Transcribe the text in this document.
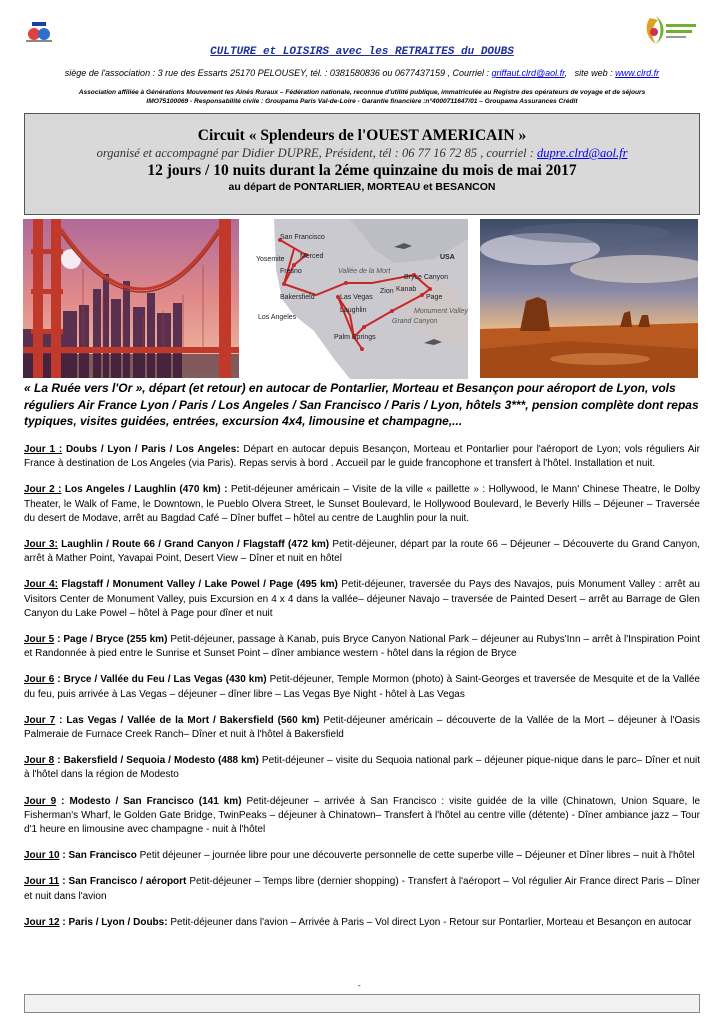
CULTURE et LOISIRS avec les RETRAITES du DOUBS
siège de l'association : 3 rue des Essarts 25170 PELOUSEY, tél. : 0381580836 ou 0677437159 , Courriel : griffaut.clrd@aol.fr,   site web : www.clrd.fr
Association affiliée à Générations Mouvement les Aînés Ruraux – Fédération nationale, reconnue d'utilité publique, immatriculée au Registre des opérateurs de voyage et de séjours
IMO75100069 - Responsabilité civile : Groupama Paris Val-de-Loire - Garantie financière :n°4000711647/01 – Groupama Assurances Crédit
Circuit « Splendeurs de l'OUEST AMERICAIN »
organisé et accompagné par Didier DUPRE, Président, tél : 06 77 16 72 85 , courriel : dupre.clrd@aol.fr
12 jours / 10 nuits durant la 2éme quinzaine du mois de mai 2017
au départ de PONTARLIER, MORTEAU et BESANCON
San Francisco
Yosemite Merced
Fresno	Vallée de la Mort
Bryce Canyon
Kanab
Page
Zion
Monument Valley
Bakersfield	Las Vegas
Laughlin
Los Angeles
Grand Canyon
Palm Springs
USA
« La Ruée vers l'Or », départ (et retour) en autocar de Pontarlier, Morteau et Besançon pour aéroport de Lyon, vols réguliers Air France Lyon / Paris / Los Angeles / San Francisco / Paris / Lyon, hôtels 3***, pension complète dont repas typiques, visites guidées, entrées, excursion 4x4, limousine et champagne,...

Jour 1 : Doubs / Lyon / Paris / Los Angeles: Départ en autocar depuis Besançon, Morteau et Pontarlier pour l'aéroport de Lyon; vols réguliers Air France à destination de Los Angeles (via Paris). Repas servis à bord . Accueil par le guide francophone et transfert à l'hôtel. Installation et nuit.

Jour 2 : Los Angeles / Laughlin (470 km) : Petit-déjeuner américain – Visite de la ville « paillette » : Hollywood, le Mann' Chinese Theatre, le Dolby Theater, le Walk of Fame, le Downtown, le Pueblo Olvera Street, le Sunset Boulevard, le Hollywood Boulevard, le Beverly Hills – Déjeuner – Traversée du desert de Modave, arrêt au Bagdad Café – Dîner buffet – hôtel au centre de Laughlin pour la nuit.

Jour 3: Laughlin / Route 66 / Grand Canyon / Flagstaff (472 km) Petit-déjeuner, départ par la route 66 – Déjeuner – Découverte du Grand Canyon, arrêt à Mather Point, Yavapai Point, Desert View – Dîner et nuit en hôtel

Jour 4: Flagstaff / Monument Valley / Lake Powel / Page (495 km) Petit-déjeuner, traversée du Pays des Navajos, puis Monument Valley : arrêt au Visitors Center de Monument Valley, puis Excursion en 4 x 4 dans la vallée– déjeuner Navajo – traversée de Painted Desert – arrêt au Barrage de Glen Canyon du Lake Powel – hôtel à Page pour dîner et nuit

Jour 5 : Page / Bryce (255 km) Petit-déjeuner, passage à Kanab, puis Bryce Canyon National Park – déjeuner au Rubys'Inn – arrêt à l'Inspiration Point et Randonnée à pied entre le Sunrise et Sunset Point – dîner ambiance western - hôtel dans la région de Bryce

Jour 6 : Bryce / Vallée du Feu / Las Vegas (430 km) Petit-déjeuner, Temple Mormon (photo) à Saint-Georges et traversée de Mesquite et de la Vallée du feu, puis arrivée à Las Vegas – déjeuner – dîner libre – Las Vegas Bye Night - hôtel à Las Vegas

Jour 7 : Las Vegas / Vallée de la Mort / Bakersfield (560 km) Petit-déjeuner américain – découverte de la Vallée de la Mort – déjeuner à l'Oasis Palmeraie de Furnace Creek Ranch– Dîner et nuit à l'hôtel à Bakersfield

Jour 8 : Bakersfield / Sequoia / Modesto (488 km) Petit-déjeuner – visite du Sequoia national park – déjeuner pique-nique dans le parc– Dîner et nuit à l'hôtel dans la région de Modesto

Jour 9 : Modesto / San Francisco (141 km) Petit-déjeuner – arrivée à San Francisco : visite guidée de la ville (Chinatown, Union Square, le Fisherman's Wharf, le Golden Gate Bridge, TwinPeaks – déjeuner à Chinatown– Transfert à l'hôtel au centre ville (détente) - Dîner ambiance jazz – Tour d'1 heure en limousine avec champagne - nuit à l'hôtel

Jour 10 : San Francisco Petit déjeuner – journée libre pour une découverte personnelle de cette superbe ville – Déjeuner et Dîner libres – nuit à l'hôtel

Jour 11 : San Francisco / aéroport Petit-déjeuner – Temps libre (dernier shopping) - Transfert à l'aéroport – Vol régulier Air France direct Paris – Dîner et nuit dans l'avion

Jour 12 : Paris / Lyon / Doubs: Petit-déjeuner dans l'avion – Arrivée à Paris – Vol direct Lyon - Retour sur Pontarlier, Morteau et Besançon en autocar

-
